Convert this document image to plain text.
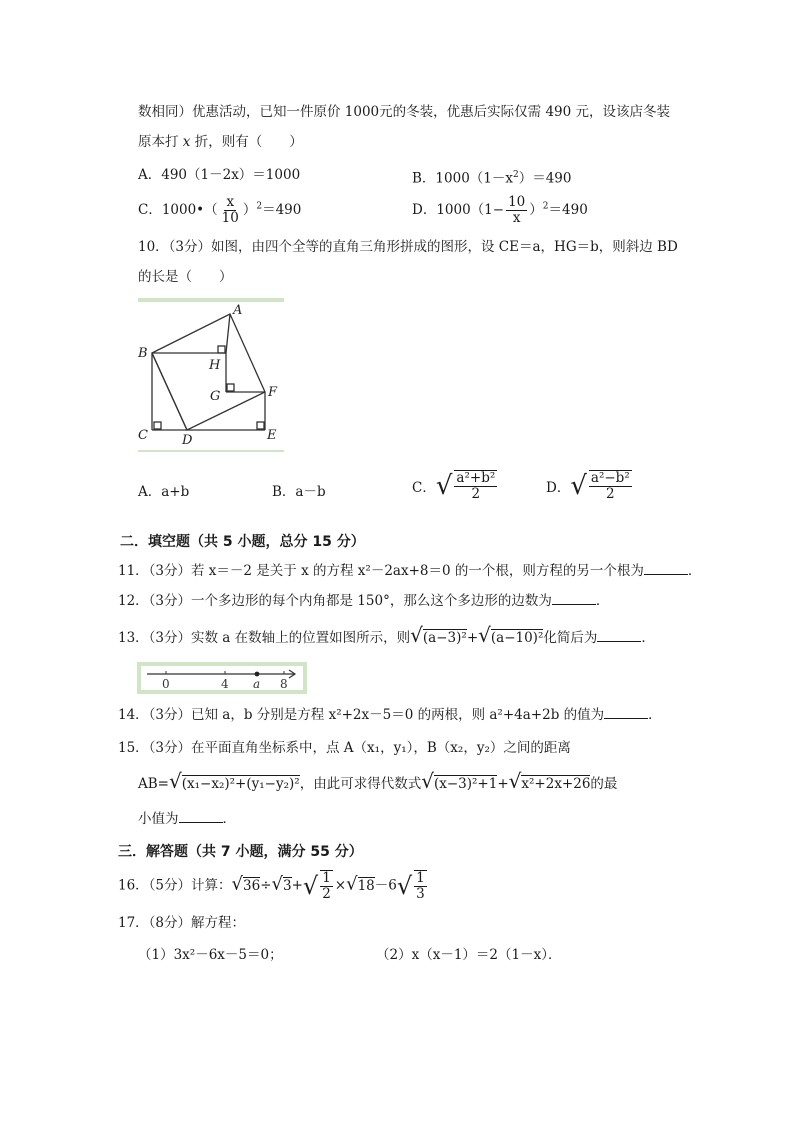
数相同）优惠活动，已知一件原价 1000元的冬装，优惠后实际仅需 490 元，设该店冬装
原本打 x 折，则有（　　）
A．490（1－2x）＝1000	B．$1000(1-x^2)=490$
C．1000•（ $\frac{x}{10} )^2=490$	D．$1000(1- \frac{10}{x} )^2=490$
10．（3分）如图，由四个全等的直角三角形拼成的图形，设 CE＝a，HG＝b，则斜边 BD
的长是（　　）
A
B
H
G	F
C	D	E
A．a+b	B．a－b	C．√ $\frac{\text{a²+b²}}{2}$	D．√ $\frac{\text{a²−b²}}{2}$
二．填空题（共 5 小题，总分 15 分）
11．（3分）若 x＝－2 是关于 x 的方程 x²－2ax+8＝0 的一个根，则方程的另一个根为	．
12．（3分）一个多边形的每个内角都是 150°，那么这个多边形的边数为	．
13．（3分）实数 a 在数轴上的位置如图所示，则√(a−3)²+√(a−10)²化简后为	．
0	4 a 8
14．（3分）已知 a，b 分别是方程 x²+2x－5＝0 的两根，则 a²+4a+2b 的值为	．
15．（3分）在平面直角坐标系中，点 A（x₁，y₁），B（x₂，y₂）之间的距离
AB=√(x₁−x₂)²+(y₁−y₂)²，由此可求得代数式√(x−3)²+1+√x²+2x+26的最
小值为	．
三．解答题（共 7 小题，满分 55 分）
16．（5分）计算：$√36\div√3+√ \frac{1}{2} \times√18-6√ \frac{1}{3}$
17．（8分）解方程：
（1）3x²－6x－5＝0；	（2）x（x－1）＝2（1－x）．
